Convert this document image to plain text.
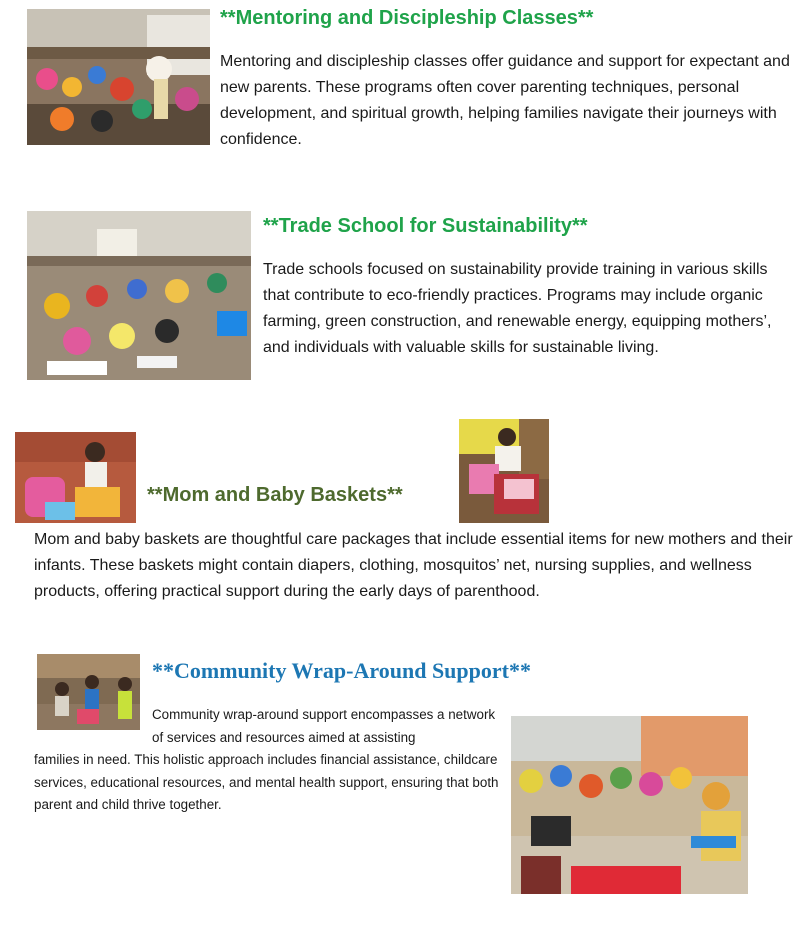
**Mentoring and Discipleship Classes**

Mentoring and discipleship classes offer guidance and support for expectant and new parents. These programs often cover parenting techniques, personal development, and spiritual growth, helping families navigate their journeys with confidence.

**Trade School for Sustainability**

Trade schools focused on sustainability provide training in various skills that contribute to eco-friendly practices. Programs may include organic farming, green construction, and renewable energy, equipping mothers’, and individuals with valuable skills for sustainable living.

**Mom and Baby Baskets**

Mom and baby baskets are thoughtful care packages that include essential items for new mothers and their infants. These baskets might contain diapers, clothing, mosquitos’ net, nursing supplies, and wellness products, offering practical support during the early days of parenthood.

**Community Wrap-Around Support**

Community wrap-around support encompasses a network of services and resources aimed at assisting

families in need. This holistic approach includes financial assistance, childcare services, educational resources, and mental health support, ensuring that both parent and child thrive together.
